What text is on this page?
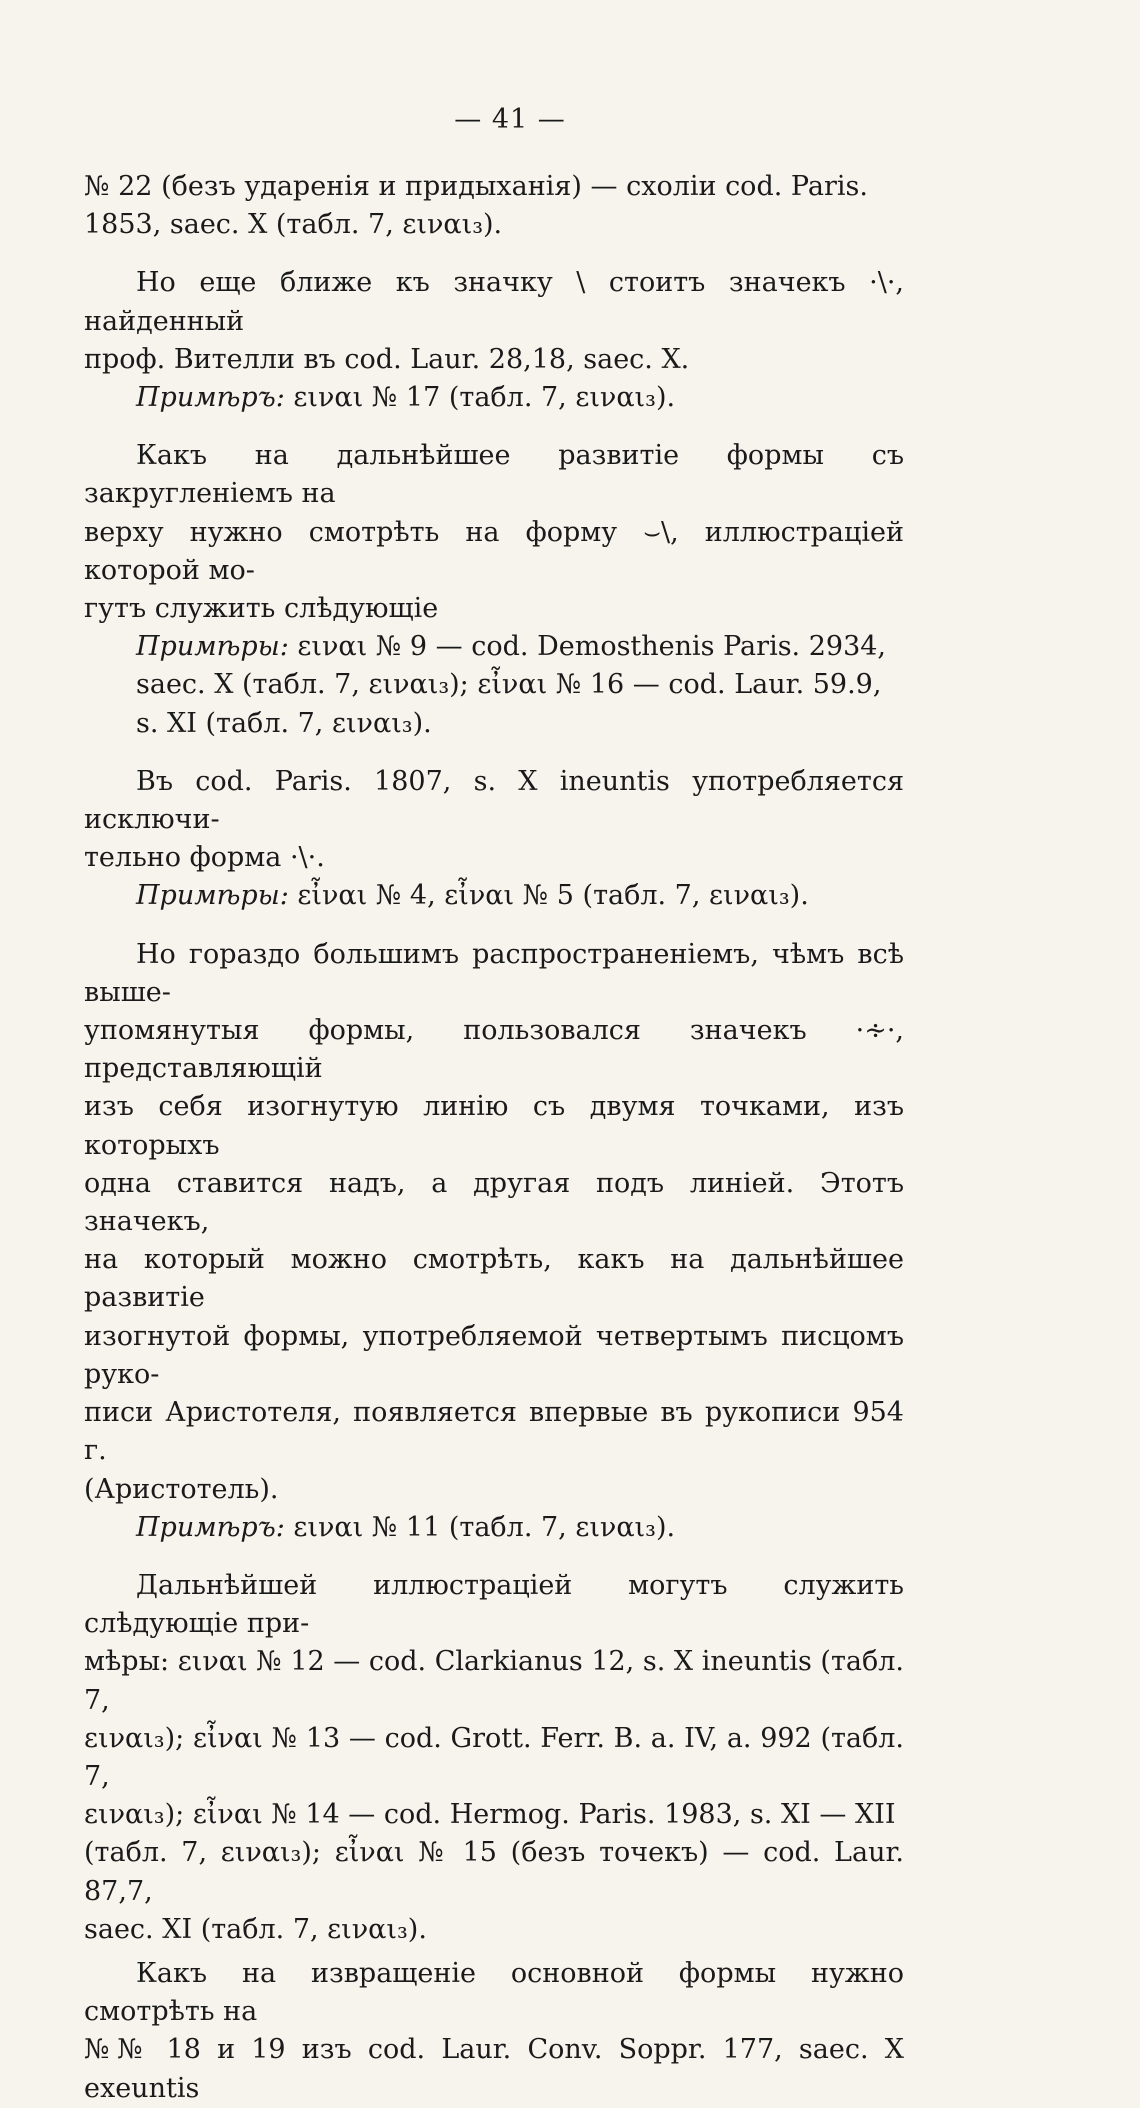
— 41 —

№ 22 (безъ ударенія и придыханія) — схоліи cod. Paris.
1853, saec. X (табл. 7, ειναι₃).

Но еще ближе къ значку \ стоитъ значекъ ·\·, найденный
проф. Вителли въ cod. Laur. 28,18, saec. X.

Примѣръ: ειναι № 17 (табл. 7, ειναι₃).

Какъ на дальнѣйшее развитіе формы съ закругленіемъ на
верху нужно смотрѣть на форму ⌣\, иллюстраціей которой мо-
гутъ служить слѣдующіе

Примѣры: ειναι № 9 — cod. Demosthenis Paris. 2934,
saec. X (табл. 7, ειναι₃); εἶναι № 16 — cod. Laur. 59.9,
s. XI (табл. 7, ειναι₃).

Въ cod. Paris. 1807, s. X ineuntis употребляется исключи-
тельно форма ·\·.

Примѣры: εἶναι № 4, εἶναι № 5 (табл. 7, ειναι₃).

Но гораздо большимъ распространеніемъ, чѣмъ всѣ выше-
упомянутыя формы, пользовался значекъ ·∻·, представляющій
изъ себя изогнутую линію съ двумя точками, изъ которыхъ
одна ставится надъ, а другая подъ линіей. Этотъ значекъ,
на который можно смотрѣть, какъ на дальнѣйшее развитіе
изогнутой формы, употребляемой четвертымъ писцомъ руко-
писи Аристотеля, появляется впервые въ рукописи 954 г.
(Аристотель).

Примѣръ: ειναι № 11 (табл. 7, ειναι₃).

Дальнѣйшей иллюстраціей могутъ служить слѣдующіе при-
мѣры: ειναι № 12 — cod. Clarkianus 12, s. X ineuntis (табл. 7,
ειναι₃); εἶναι № 13 — cod. Grott. Ferr. B. a. IV, a. 992 (табл. 7,
ειναι₃); εἶναι № 14 — cod. Hermog. Paris. 1983, s. XI — XII
(табл. 7, ειναι₃); εἶναι № 15 (безъ точекъ) — cod. Laur. 87,7,
saec. XI (табл. 7, ειναι₃).

Какъ на извращеніе основной формы нужно смотрѣть на
№№ 18 и 19 изъ cod. Laur. Conv. Soppr. 177, saec. X exeuntis
